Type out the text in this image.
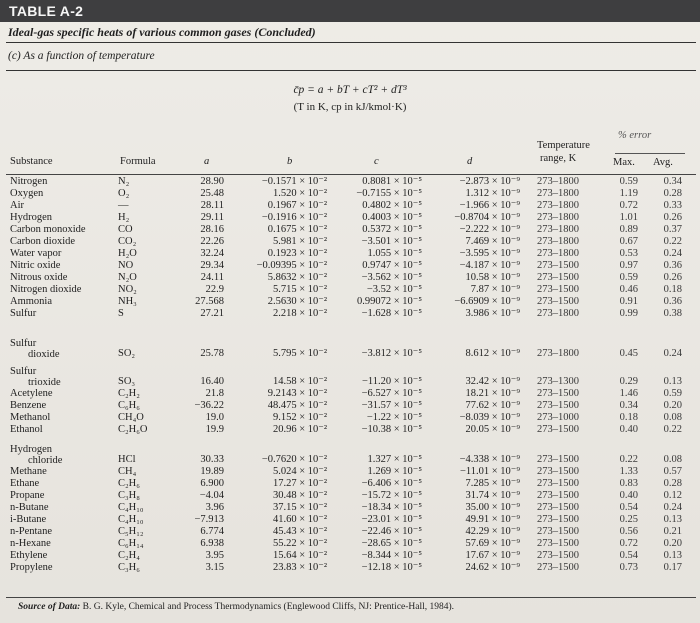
TABLE A-2
Ideal-gas specific heats of various common gases (Concluded)
(c) As a function of temperature
c̄p = a + bT + cT² + dT³
(T in K, cp in kJ/kmol·K)
Substance	Formula	a	b	c	d
Temperature
range, K
% error
Max. Avg.
Nitrogen	N₂	28.90	−0.1571 × 10⁻²	0.8081 × 10⁻⁵	−2.873 × 10⁻⁹	273–1800	0.59	0.34
Oxygen	O₂	25.48	1.520 × 10⁻²	−0.7155 × 10⁻⁵	1.312 × 10⁻⁹	273–1800	1.19	0.28
Air	—	28.11	0.1967 × 10⁻²	0.4802 × 10⁻⁵	−1.966 × 10⁻⁹	273–1800	0.72	0.33
Hydrogen	H₂	29.11	−0.1916 × 10⁻²	0.4003 × 10⁻⁵	−0.8704 × 10⁻⁹	273–1800	1.01	0.26
Carbon monoxide	CO	28.16	0.1675 × 10⁻²	0.5372 × 10⁻⁵	−2.222 × 10⁻⁹	273–1800	0.89	0.37
Carbon dioxide	CO₂	22.26	5.981 × 10⁻²	−3.501 × 10⁻⁵	7.469 × 10⁻⁹	273–1800	0.67	0.22
Water vapor	H₂O	32.24	0.1923 × 10⁻²	1.055 × 10⁻⁵	−3.595 × 10⁻⁹	273–1800	0.53	0.24
Nitric oxide	NO	29.34	−0.09395 × 10⁻²	0.9747 × 10⁻⁵	−4.187 × 10⁻⁹	273–1500	0.97	0.36
Nitrous oxide	N₂O	24.11	5.8632 × 10⁻²	−3.562 × 10⁻⁵	10.58 × 10⁻⁹	273–1500	0.59	0.26
Nitrogen dioxide	NO₂	22.9	5.715 × 10⁻²	−3.52 × 10⁻⁵	7.87 × 10⁻⁹	273–1500	0.46	0.18
Ammonia	NH₃	27.568	2.5630 × 10⁻²	0.99072 × 10⁻⁵	−6.6909 × 10⁻⁹	273–1500	0.91	0.36
Sulfur	S	27.21	2.218 × 10⁻²	−1.628 × 10⁻⁵	3.986 × 10⁻⁹	273–1800	0.99	0.38
Sulfur
dioxide	SO₂	25.78	5.795 × 10⁻²	−3.812 × 10⁻⁵	8.612 × 10⁻⁹	273–1800	0.45	0.24
Sulfur
trioxide	SO₃	16.40	14.58 × 10⁻²	−11.20 × 10⁻⁵	32.42 × 10⁻⁹	273–1300	0.29	0.13
Acetylene	C₂H₂	21.8	9.2143 × 10⁻²	−6.527 × 10⁻⁵	18.21 × 10⁻⁹	273–1500	1.46	0.59
Benzene	C₆H₆	−36.22	48.475 × 10⁻²	−31.57 × 10⁻⁵	77.62 × 10⁻⁹	273–1500	0.34	0.20
Methanol	CH₄O	19.0	9.152 × 10⁻²	−1.22 × 10⁻⁵	−8.039 × 10⁻⁹	273–1000	0.18	0.08
Ethanol	C₂H₆O	19.9	20.96 × 10⁻²	−10.38 × 10⁻⁵	20.05 × 10⁻⁹	273–1500	0.40	0.22
Hydrogen
chloride	HCl	30.33	−0.7620 × 10⁻²	1.327 × 10⁻⁵	−4.338 × 10⁻⁹	273–1500	0.22	0.08
Methane	CH₄	19.89	5.024 × 10⁻²	1.269 × 10⁻⁵	−11.01 × 10⁻⁹	273–1500	1.33	0.57
Ethane	C₂H₆	6.900	17.27 × 10⁻²	−6.406 × 10⁻⁵	7.285 × 10⁻⁹	273–1500	0.83	0.28
Propane	C₃H₈	−4.04	30.48 × 10⁻²	−15.72 × 10⁻⁵	31.74 × 10⁻⁹	273–1500	0.40	0.12
n-Butane	C₄H₁₀	3.96	37.15 × 10⁻²	−18.34 × 10⁻⁵	35.00 × 10⁻⁹	273–1500	0.54	0.24
i-Butane	C₄H₁₀	−7.913	41.60 × 10⁻²	−23.01 × 10⁻⁵	49.91 × 10⁻⁹	273–1500	0.25	0.13
n-Pentane	C₅H₁₂	6.774	45.43 × 10⁻²	−22.46 × 10⁻⁵	42.29 × 10⁻⁹	273–1500	0.56	0.21
n-Hexane	C₆H₁₄	6.938	55.22 × 10⁻²	−28.65 × 10⁻⁵	57.69 × 10⁻⁹	273–1500	0.72	0.20
Ethylene	C₂H₄	3.95	15.64 × 10⁻²	−8.344 × 10⁻⁵	17.67 × 10⁻⁹	273–1500	0.54	0.13
Propylene	C₃H₆	3.15	23.83 × 10⁻²	−12.18 × 10⁻⁵	24.62 × 10⁻⁹	273–1500	0.73	0.17
Source of Data: B. G. Kyle, Chemical and Process Thermodynamics (Englewood Cliffs, NJ: Prentice-Hall, 1984).
